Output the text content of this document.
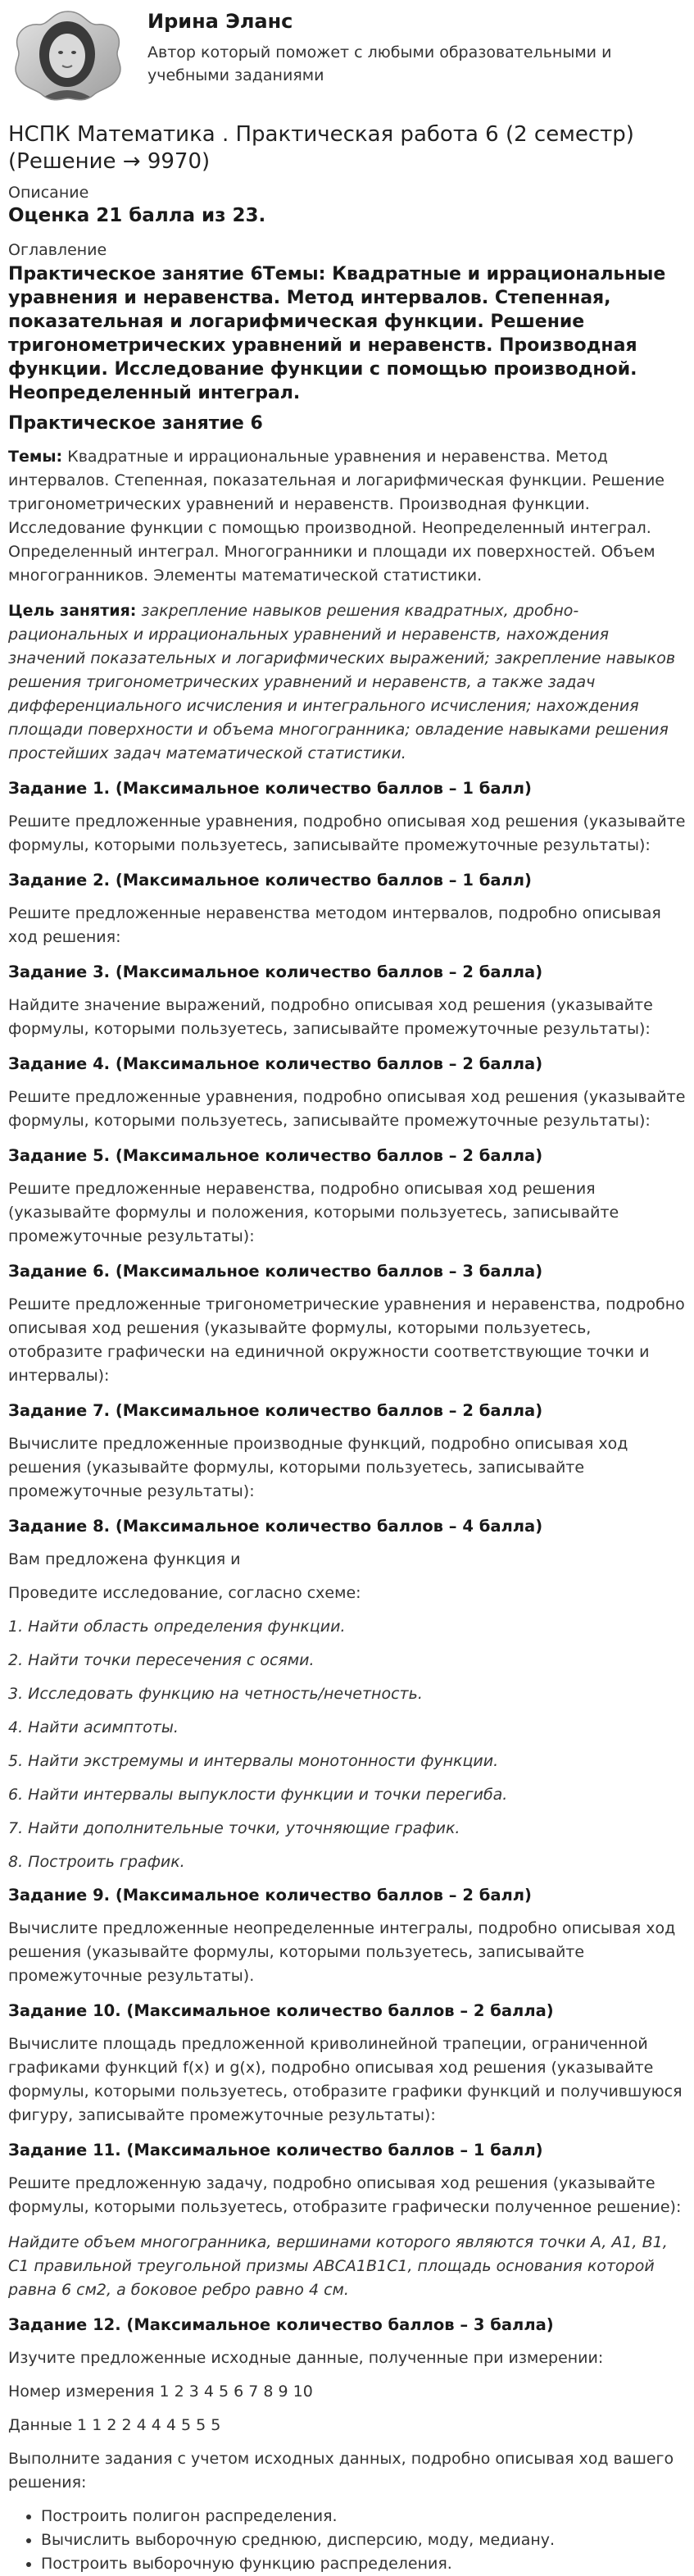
Ирина Эланс

Автор который поможет с любыми образовательными и учебными заданиями

НСПК Математика . Практическая работа 6 (2 семестр) (Решение → 9970)

Описание

Оценка 21 балла из 23.

Оглавление

Практическое занятие 6Темы: Квадратные и иррациональные уравнения и неравенства. Метод интервалов. Степенная, показательная и логарифмическая функции. Решение тригонометрических уравнений и неравенств. Производная функции. Исследование функции с помощью производной. Неопределенный интеграл.

Практическое занятие 6

Темы: Квадратные и иррациональные уравнения и неравенства. Метод интервалов. Степенная, показательная и логарифмическая функции. Решение тригонометрических уравнений и неравенств. Производная функции. Исследование функции с помощью производной. Неопределенный интеграл. Определенный интеграл. Многогранники и площади их поверхностей. Объем многогранников. Элементы математической статистики.

Цель занятия: закрепление навыков решения квадратных, дробно-рациональных и иррациональных уравнений и неравенств, нахождения значений показательных и логарифмических выражений; закрепление навыков решения тригонометрических уравнений и неравенств, а также задач дифференциального исчисления и интегрального исчисления; нахождения площади поверхности и объема многогранника; овладение навыками решения простейших задач математической статистики.

Задание 1. (Максимальное количество баллов – 1 балл)

Решите предложенные уравнения, подробно описывая ход решения (указывайте формулы, которыми пользуетесь, записывайте промежуточные результаты):

Задание 2. (Максимальное количество баллов – 1 балл)

Решите предложенные неравенства методом интервалов, подробно описывая ход решения:

Задание 3. (Максимальное количество баллов – 2 балла)

Найдите значение выражений, подробно описывая ход решения (указывайте формулы, которыми пользуетесь, записывайте промежуточные результаты):

Задание 4. (Максимальное количество баллов – 2 балла)

Решите предложенные уравнения, подробно описывая ход решения (указывайте формулы, которыми пользуетесь, записывайте промежуточные результаты):

Задание 5. (Максимальное количество баллов – 2 балла)

Решите предложенные неравенства, подробно описывая ход решения (указывайте формулы и положения, которыми пользуетесь, записывайте промежуточные результаты):

Задание 6. (Максимальное количество баллов – 3 балла)

Решите предложенные тригонометрические уравнения и неравенства, подробно описывая ход решения (указывайте формулы, которыми пользуетесь, отобразите графически на единичной окружности соответствующие точки и интервалы):

Задание 7. (Максимальное количество баллов – 2 балла)

Вычислите предложенные производные функций, подробно описывая ход решения (указывайте формулы, которыми пользуетесь, записывайте промежуточные результаты):

Задание 8. (Максимальное количество баллов – 4 балла)

Вам предложена функция и

Проведите исследование, согласно схеме:

1. Найти область определения функции.

2. Найти точки пересечения с осями.

3. Исследовать функцию на четность/нечетность.

4. Найти асимптоты.

5. Найти экстремумы и интервалы монотонности функции.

6. Найти интервалы выпуклости функции и точки перегиба.

7. Найти дополнительные точки, уточняющие график.

8. Построить график.

Задание 9. (Максимальное количество баллов – 2 балл)

Вычислите предложенные неопределенные интегралы, подробно описывая ход решения (указывайте формулы, которыми пользуетесь, записывайте промежуточные результаты).

Задание 10. (Максимальное количество баллов – 2 балла)

Вычислите площадь предложенной криволинейной трапеции, ограниченной графиками функций f(x) и g(x), подробно описывая ход решения (указывайте формулы, которыми пользуетесь, отобразите графики функций и получившуюся фигуру, записывайте промежуточные результаты):

Задание 11. (Максимальное количество баллов – 1 балл)

Решите предложенную задачу, подробно описывая ход решения (указывайте формулы, которыми пользуетесь, отобразите графически полученное решение):

Найдите объем многогранника, вершинами которого являются точки A, A1, B1, C1 правильной треугольной призмы ABCA1B1C1, площадь основания которой равна 6 см2, а боковое ребро равно 4 см.

Задание 12. (Максимальное количество баллов – 3 балла)

Изучите предложенные исходные данные, полученные при измерении:

Номер измерения 1 2 3 4 5 6 7 8 9 10

Данные 1 1 2 2 4 4 4 5 5 5

Выполните задания с учетом исходных данных, подробно описывая ход вашего решения:

• Построить полигон распределения.
• Вычислить выборочную среднюю, дисперсию, моду, медиану.
• Построить выборочную функцию распределения.
